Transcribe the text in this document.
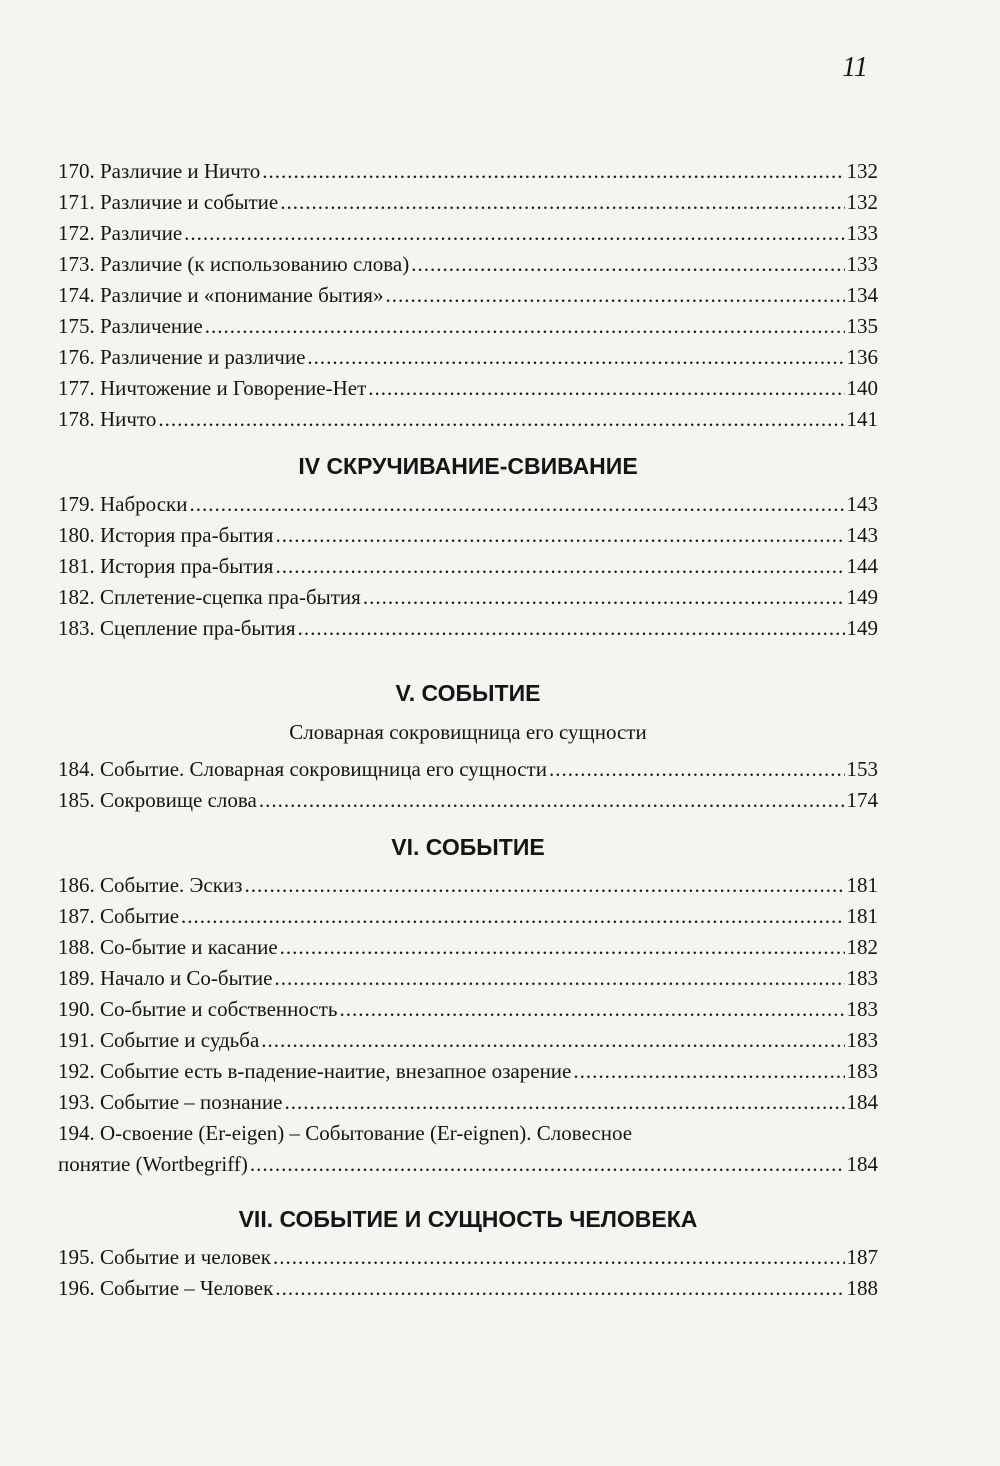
11
170. Различие и Ничто .....	132
171. Различие и событие .....	132
172. Различие .....	133
173. Различие (к использованию слова) .....	133
174. Различие и «понимание бытия» .....	134
175. Различение .....	135
176. Различение и различие .....	136
177. Ничтожение и Говорение-Нет .....	140
178. Ничто .....	141
IV СКРУЧИВАНИЕ-СВИВАНИЕ
179. Наброски .....	143
180. История пра-бытия .....	143
181. История пра-бытия .....	144
182. Сплетение-сцепка пра-бытия .....	149
183. Сцепление пра-бытия .....	149
V. СОБЫТИЕ
Словарная сокровищница его сущности
184. Событие. Словарная сокровищница его сущности .....	153
185. Сокровище слова .....	174
VI. СОБЫТИЕ
186. Событие. Эскиз .....	181
187. Событие .....	181
188. Со-бытие и касание .....	182
189. Начало и Со-бытие .....	183
190. Со-бытие и собственность .....	183
191. Событие и судьба .....	183
192. Событие есть в-падение-наитие, внезапное озарение .....	183
193. Событие – познание .....	184
194. О-своение (Er-eigen) – Событование (Er-eignen). Словесное
понятие (Wortbegriff) .....	184
VII. СОБЫТИЕ И СУЩНОСТЬ ЧЕЛОВЕКА
195. Событие и человек .....	187
196. Событие – Человек .....	188
